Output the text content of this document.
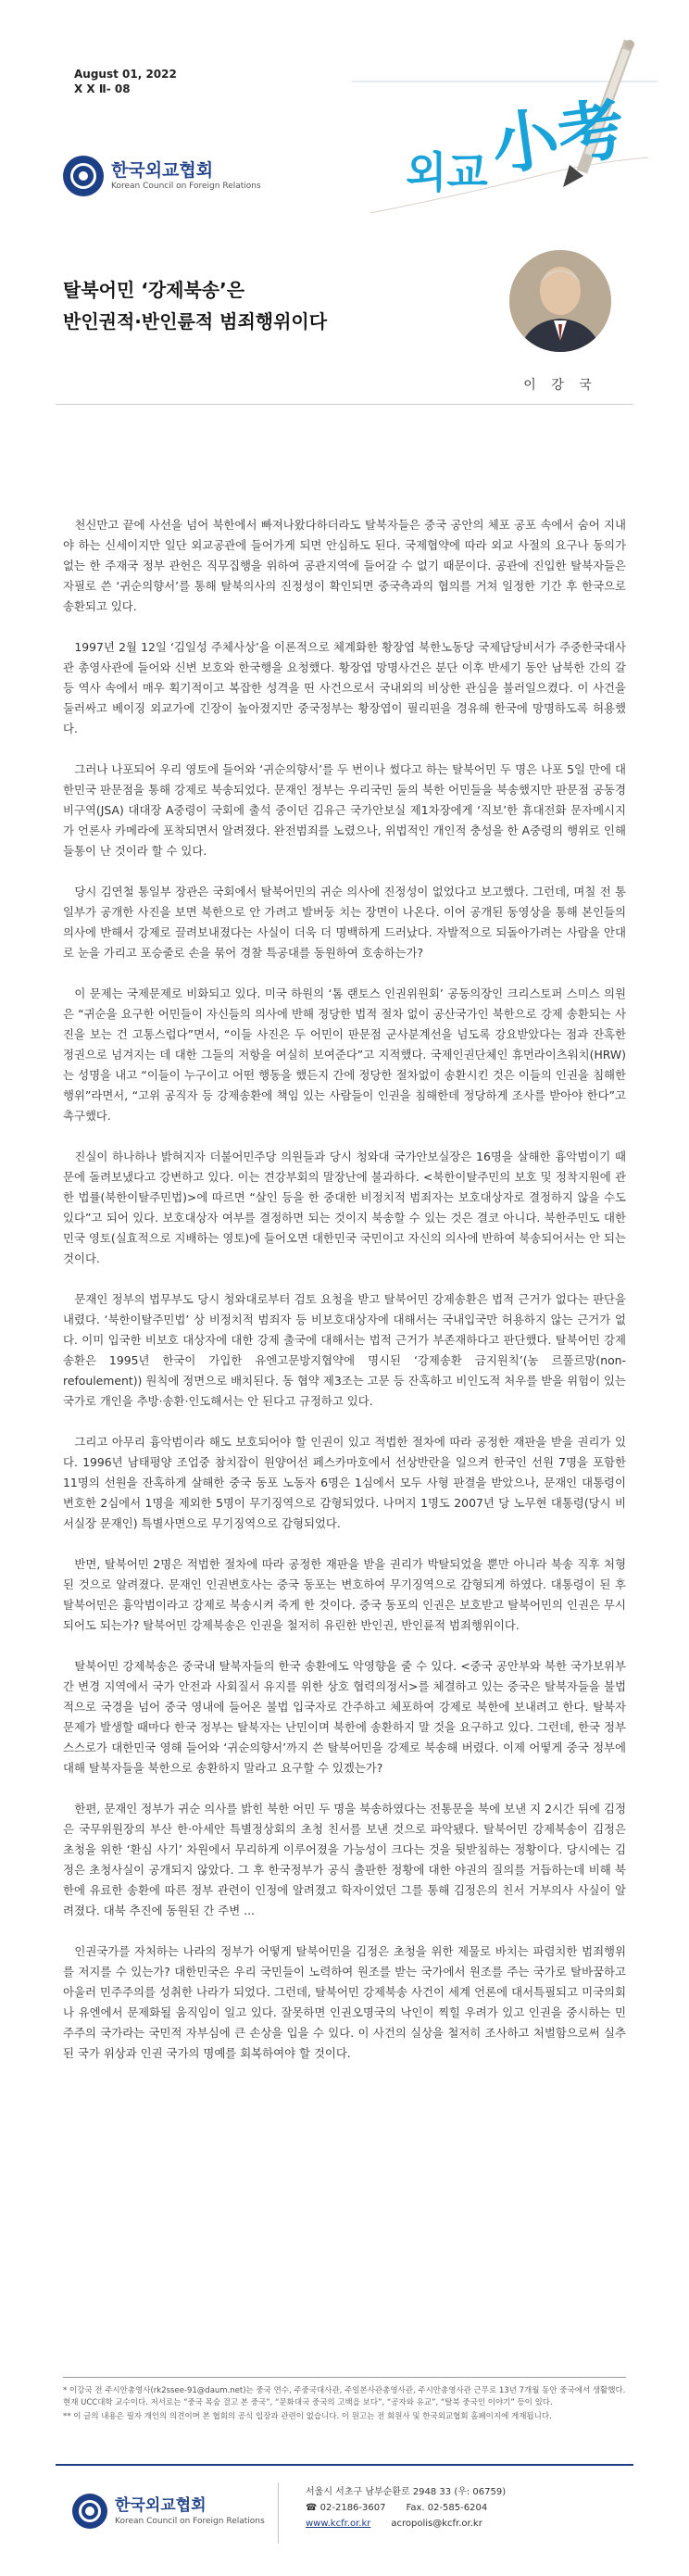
August 01, 2022
X X Ⅱ- 08
한국외교협회
Korean Council on Foreign Relations	외교
小考
탈북어민 ‘강제북송’은
반인권적·반인륜적 범죄행위이다
이 강 국

천신만고 끝에 사선을 넘어 북한에서 빠져나왔다하더라도 탈북자들은 중국 공안의 체포 공포 속에서 숨어 지내야 하는 신세이지만 일단 외교공관에 들어가게 되면 안심하도 된다. 국제협약에 따라 외교 사절의 요구나 동의가 없는 한 주재국 정부 관헌은 직무집행을 위하여 공관지역에 들어갈 수 없기 때문이다. 공관에 진입한 탈북자들은 자필로 쓴 ‘귀순의향서’를 통해 탈북의사의 진정성이 확인되면 중국측과의 협의를 거쳐 일정한 기간 후 한국으로 송환되고 있다.

1997년 2월 12일 ‘김일성 주체사상’을 이론적으로 체계화한 황장엽 북한노동당 국제담당비서가 주중한국대사관 총영사관에 들어와 신변 보호와 한국행을 요청했다. 황장엽 망명사건은 분단 이후 반세기 동안 남북한 간의 갈등 역사 속에서 매우 획기적이고 복잡한 성격을 띤 사건으로서 국내외의 비상한 관심을 불러일으켰다. 이 사건을 둘러싸고 베이징 외교가에 긴장이 높아졌지만 중국정부는 황장엽이 필리핀을 경유해 한국에 망명하도록 허용했다.

그러나 나포되어 우리 영토에 들어와 ‘귀순의향서’를 두 번이나 썼다고 하는 탈북어민 두 명은 나포 5일 만에 대한민국 판문점을 통해 강제로 북송되었다. 문재인 정부는 우리국민 둘의 북한 어민들을 북송했지만 판문점 공동경비구역(JSA) 대대장 A중령이 국회에 출석 중이던 김유근 국가안보실 제1차장에게 ‘직보’한 휴대전화 문자메시지가 언론사 카메라에 포착되면서 알려졌다. 완전범죄를 노렸으나, 위법적인 개인적 충성을 한 A중령의 행위로 인해 들통이 난 것이라 할 수 있다.

당시 김연철 통일부 장관은 국회에서 탈북어민의 귀순 의사에 진정성이 없었다고 보고했다. 그런데, 며칠 전 통일부가 공개한 사진을 보면 북한으로 안 가려고 발버둥 치는 장면이 나온다. 이어 공개된 동영상을 통해 본인들의 의사에 반해서 강제로 끌려보내졌다는 사실이 더욱 더 명백하게 드러났다. 자발적으로 되돌아가려는 사람을 안대로 눈을 가리고 포승줄로 손을 묶어 경찰 특공대를 동원하여 호송하는가?

이 문제는 국제문제로 비화되고 있다. 미국 하원의 ‘톰 랜토스 인권위원회’ 공동의장인 크리스토퍼 스미스 의원은 “귀순을 요구한 어민들이 자신들의 의사에 반해 정당한 법적 절차 없이 공산국가인 북한으로 강제 송환되는 사진을 보는 건 고통스럽다”면서, “이들 사진은 두 어민이 판문점 군사분계선을 넘도록 강요받았다는 점과 잔혹한 정권으로 넘겨지는 데 대한 그들의 저항을 여실히 보여준다”고 지적했다. 국제인권단체인 휴먼라이츠워치(HRW)는 성명을 내고 “이들이 누구이고 어떤 행동을 했든지 간에 정당한 절차없이 송환시킨 것은 이들의 인권을 침해한 행위”라면서, “고위 공직자 등 강제송환에 책임 있는 사람들이 인권을 침해한데 정당하게 조사를 받아야 한다”고 촉구했다.

진실이 하나하나 밝혀지자 더불어민주당 의원들과 당시 청와대 국가안보실장은 16명을 살해한 흉악범이기 때문에 돌려보냈다고 강변하고 있다. 이는 견강부회의 말장난에 불과하다. <북한이탈주민의 보호 및 정착지원에 관한 법률(북한이탈주민법)>에 따르면 “살인 등을 한 중대한 비정치적 범죄자는 보호대상자로 결정하지 않을 수도 있다”고 되어 있다. 보호대상자 여부를 결정하면 되는 것이지 북송할 수 있는 것은 결코 아니다. 북한주민도 대한민국 영토(실효적으로 지배하는 영토)에 들어오면 대한민국 국민이고 자신의 의사에 반하여 북송되어서는 안 되는 것이다.

문재인 정부의 법무부도 당시 청와대로부터 검토 요청을 받고 탈북어민 강제송환은 법적 근거가 없다는 판단을 내렸다. ‘북한이탈주민법’ 상 비정치적 범죄자 등 비보호대상자에 대해서는 국내입국만 허용하지 않는 근거가 없다. 이미 입국한 비보호 대상자에 대한 강제 출국에 대해서는 법적 근거가 부존재하다고 판단했다. 탈북어민 강제송환은 1995년 한국이 가입한 유엔고문방지협약에 명시된 ‘강제송환 금지원칙’(농 르풀르망(non-refoulement)) 원칙에 정면으로 배치된다. 동 협약 제3조는 고문 등 잔혹하고 비인도적 처우를 받을 위험이 있는 국가로 개인을 추방·송환·인도해서는 안 된다고 규정하고 있다.

그리고 아무리 흉악범이라 해도 보호되어야 할 인권이 있고 적법한 절차에 따라 공정한 재판을 받을 권리가 있다. 1996년 남태평양 조업중 참치잡이 원양어선 페스카마호에서 선상반란을 일으켜 한국인 선원 7명을 포함한 11명의 선원을 잔혹하게 살해한 중국 동포 노동자 6명은 1심에서 모두 사형 판결을 받았으나, 문재인 대통령이 변호한 2심에서 1명을 제외한 5명이 무기징역으로 감형되었다. 나머지 1명도 2007년 당 노무현 대통령(당시 비서실장 문재인) 특별사면으로 무기징역으로 감형되었다.

반면, 탈북어민 2명은 적법한 절차에 따라 공정한 재판을 받을 권리가 박탈되었을 뿐만 아니라 북송 직후 처형된 것으로 알려졌다. 문재인 인권변호사는 중국 동포는 변호하여 무기징역으로 감형되게 하였다. 대통령이 된 후 탈북어민은 흉악범이라고 강제로 북송시켜 죽게 한 것이다. 중국 동포의 인권은 보호받고 탈북어민의 인권은 무시되어도 되는가? 탈북어민 강제북송은 인권을 철저히 유린한 반인권, 반인륜적 범죄행위이다.

탈북어민 강제북송은 중국내 탈북자들의 한국 송환에도 악영향을 줄 수 있다. <중국 공안부와 북한 국가보위부 간 변경 지역에서 국가 안전과 사회질서 유지를 위한 상호 협력의정서>를 체결하고 있는 중국은 탈북자들을 불법적으로 국경을 넘어 중국 영내에 들어온 불법 입국자로 간주하고 체포하여 강제로 북한에 보내려고 한다. 탈북자 문제가 발생할 때마다 한국 정부는 탈북자는 난민이며 북한에 송환하지 말 것을 요구하고 있다. 그런데, 한국 정부 스스로가 대한민국 영해 들어와 ‘귀순의향서’까지 쓴 탈북어민을 강제로 북송해 버렸다. 이제 어떻게 중국 정부에 대해 탈북자들을 북한으로 송환하지 말라고 요구할 수 있겠는가?

한편, 문재인 정부가 귀순 의사를 밝힌 북한 어민 두 명을 북송하였다는 전통문을 북에 보낸 지 2시간 뒤에 김정은 국무위원장의 부산 한·아세안 특별정상회의 초청 친서를 보낸 것으로 파악됐다. 탈북어민 강제북송이 김정은 초청을 위한 ‘환심 사기’ 차원에서 무리하게 이루어졌을 가능성이 크다는 것을 뒷받침하는 정황이다. 당시에는 김정은 초청사실이 공개되지 않았다. 그 후 한국정부가 공식 출판한 정황에 대한 야권의 질의를 거듭하는데 비해 북한에 유료한 송환에 따른 정부 관련이 인정에 알려졌고 학자이었던 그를 통해 김정은의 친서 거부의사 사실이 알려졌다. 대북 추진에 동원된 간 주변 ...

인권국가를 자처하는 나라의 정부가 어떻게 탈북어민을 김정은 초청을 위한 제물로 바치는 파렴치한 범죄행위를 저지를 수 있는가? 대한민국은 우리 국민들이 노력하여 원조를 받는 국가에서 원조를 주는 국가로 탈바꿈하고 아울러 민주주의를 성취한 나라가 되었다. 그런데, 탈북어민 강제북송 사건이 세계 언론에 대서특필되고 미국의회나 유엔에서 문제화될 움직임이 일고 있다. 잘못하면 인권오명국의 낙인이 찍힐 우려가 있고 인권을 중시하는 민주주의 국가라는 국민적 자부심에 큰 손상을 입을 수 있다. 이 사건의 실상을 철저히 조사하고 처벌함으로써 실추된 국가 위상과 인권 국가의 명예를 회복하여야 할 것이다.

* 이강국 전 주시안총영사(rk2ssee-91@daum.net)는 중국 연수, 주중국대사관, 주일본사관총영사관, 주시안총영사관 근무로 13년 7개월 동안 중국에서 생활했다. 현재 UCC대학 교수이다. 저서로는 “중국 목숨 걸고 본 중국”, “문화대국 중국의 고백을 보다”, “공자와 유교”, “탈북 중국인 이야기” 등이 있다.

** 이 글의 내용은 필자 개인의 의견이며 본 협회의 공식 입장과 관련이 없습니다. 이 원고는 전 회원사 및 한국외교협회 홈페이지에 게재됩니다.

한국외교협회
Korean Council on Foreign Relations
서울시 서초구 남부순환로 2948 33 (우: 06759)
☎ 02-2186-3607 Fax. 02-585-6204
www.kcfr.or.kr acropolis@kcfr.or.kr
